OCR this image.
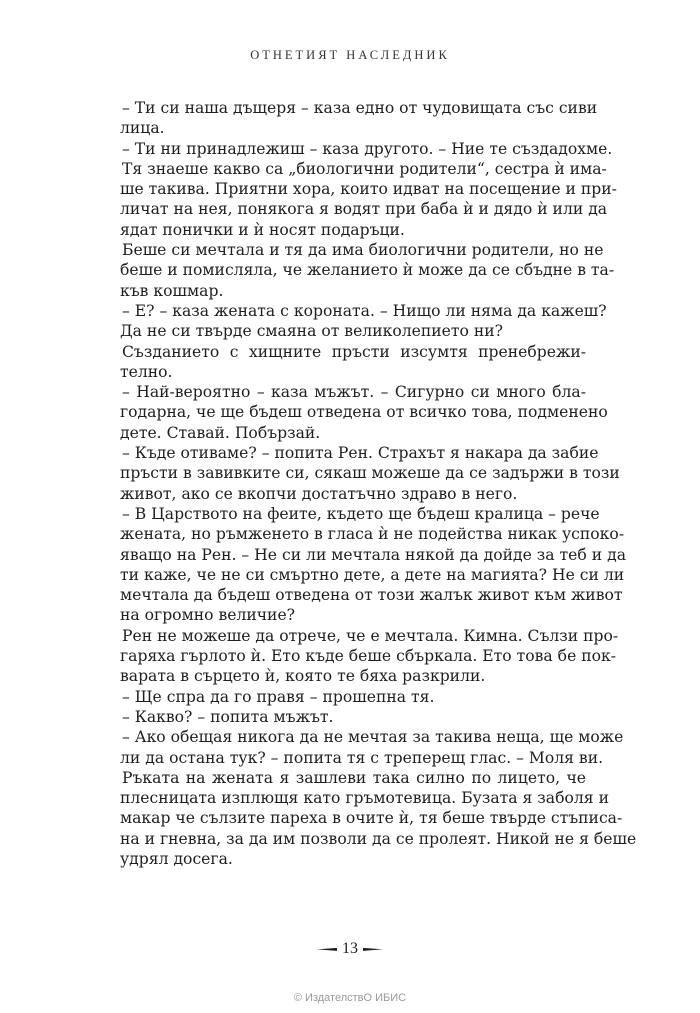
ОТНЕТИЯТ НАСЛЕДНИК

– Ти си наша дъщеря – каза едно от чудовищата със сиви
лица.

– Ти ни принадлежиш – каза другото. – Ние те създадохме.

Тя знаеше какво са „биологични родители“, сестра ѝ има-
ше такива. Приятни хора, които идват на посещение и при-
личат на нея, понякога я водят при баба ѝ и дядо ѝ или да
ядат понички и ѝ носят подаръци.

Беше си мечтала и тя да има биологични родители, но не
беше и помисляла, че желанието ѝ може да се сбъдне в та-
къв кошмар.

– Е? – каза жената с короната. – Нищо ли няма да кажеш?
Да не си твърде смаяна от великолепието ни?

Създанието с хищните пръсти изсумтя пренебрежи-
телно.

– Най-вероятно – каза мъжът. – Сигурно си много бла-
годарна, че ще бъдеш отведена от всичко това, подменено
дете. Ставай. Побързай.

– Къде отиваме? – попита Рен. Страхът я накара да забие
пръсти в завивките си, сякаш можеше да се задържи в този
живот, ако се вкопчи достатъчно здраво в него.

– В Царството на феите, където ще бъдеш кралица – рече
жената, но ръмженето в гласа ѝ не подейства никак успоко-
яващо на Рен. – Не си ли мечтала някой да дойде за теб и да
ти каже, че не си смъртно дете, а дете на магията? Не си ли
мечтала да бъдеш отведена от този жалък живот към живот
на огромно величие?

Рен не можеше да отрече, че е мечтала. Кимна. Сълзи про-
гаряха гърлото ѝ. Ето къде беше сбъркала. Ето това бе пок-
варата в сърцето ѝ, която те бяха разкрили.

– Ще спра да го правя – прошепна тя.

– Какво? – попита мъжът.

– Ако обещая никога да не мечтая за такива неща, ще може
ли да остана тук? – попита тя с треперещ глас. – Моля ви.

Ръката на жената я зашлеви така силно по лицето, че
плесницата изплющя като гръмотевица. Бузата я заболя и
макар че сълзите пареха в очите ѝ, тя беше твърде стъписа-
на и гневна, за да им позволи да се пролеят. Никой не я беше
удрял досега.

13
© ИздателствО ИБИС
